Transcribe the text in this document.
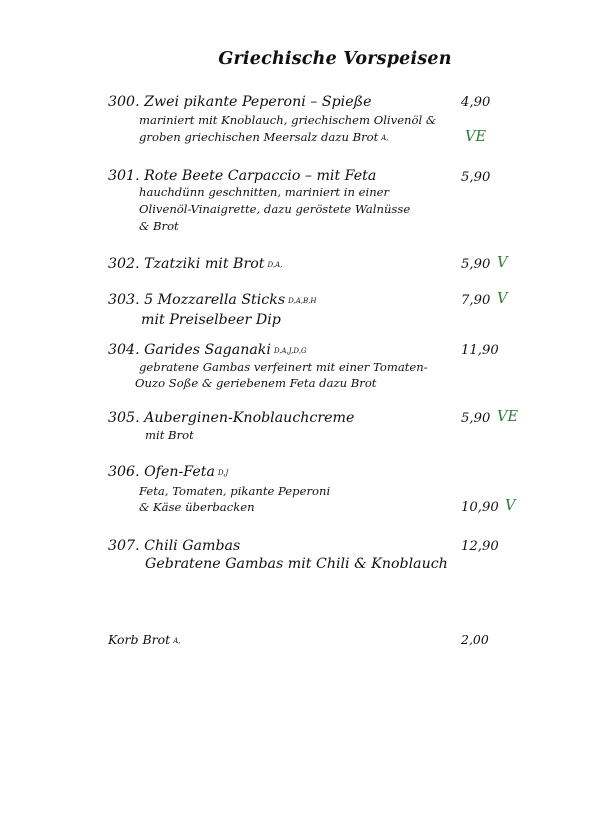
Griechische Vorspeisen
300. Zwei pikante Peperoni – Spieße	4,90
mariniert mit Knoblauch, griechischem Olivenöl &
groben griechischen Meersalz dazu Brot A,	VE
301. Rote Beete Carpaccio – mit Feta	5,90
hauchdünn geschnitten, mariniert in einer
Olivenöl-Vinaigrette, dazu geröstete Walnüsse
& Brot
302. Tzatziki mit Brot D,A,	5,90 V
303. 5 Mozzarella Sticks D,A,B,H	7,90 V
mit Preiselbeer Dip
304. Garides Saganaki D,A,J,D,G	11,90
gebratene Gambas verfeinert mit einer Tomaten-
Ouzo Soße & geriebenem Feta dazu Brot
305. Auberginen-Knoblauchcreme	5,90 VE
mit Brot
306. Ofen-Feta D,J
Feta, Tomaten, pikante Peperoni
& Käse überbacken	10,90 V
307. Chili Gambas	12,90
Gebratene Gambas mit Chili & Knoblauch
Korb Brot A,	2,00
